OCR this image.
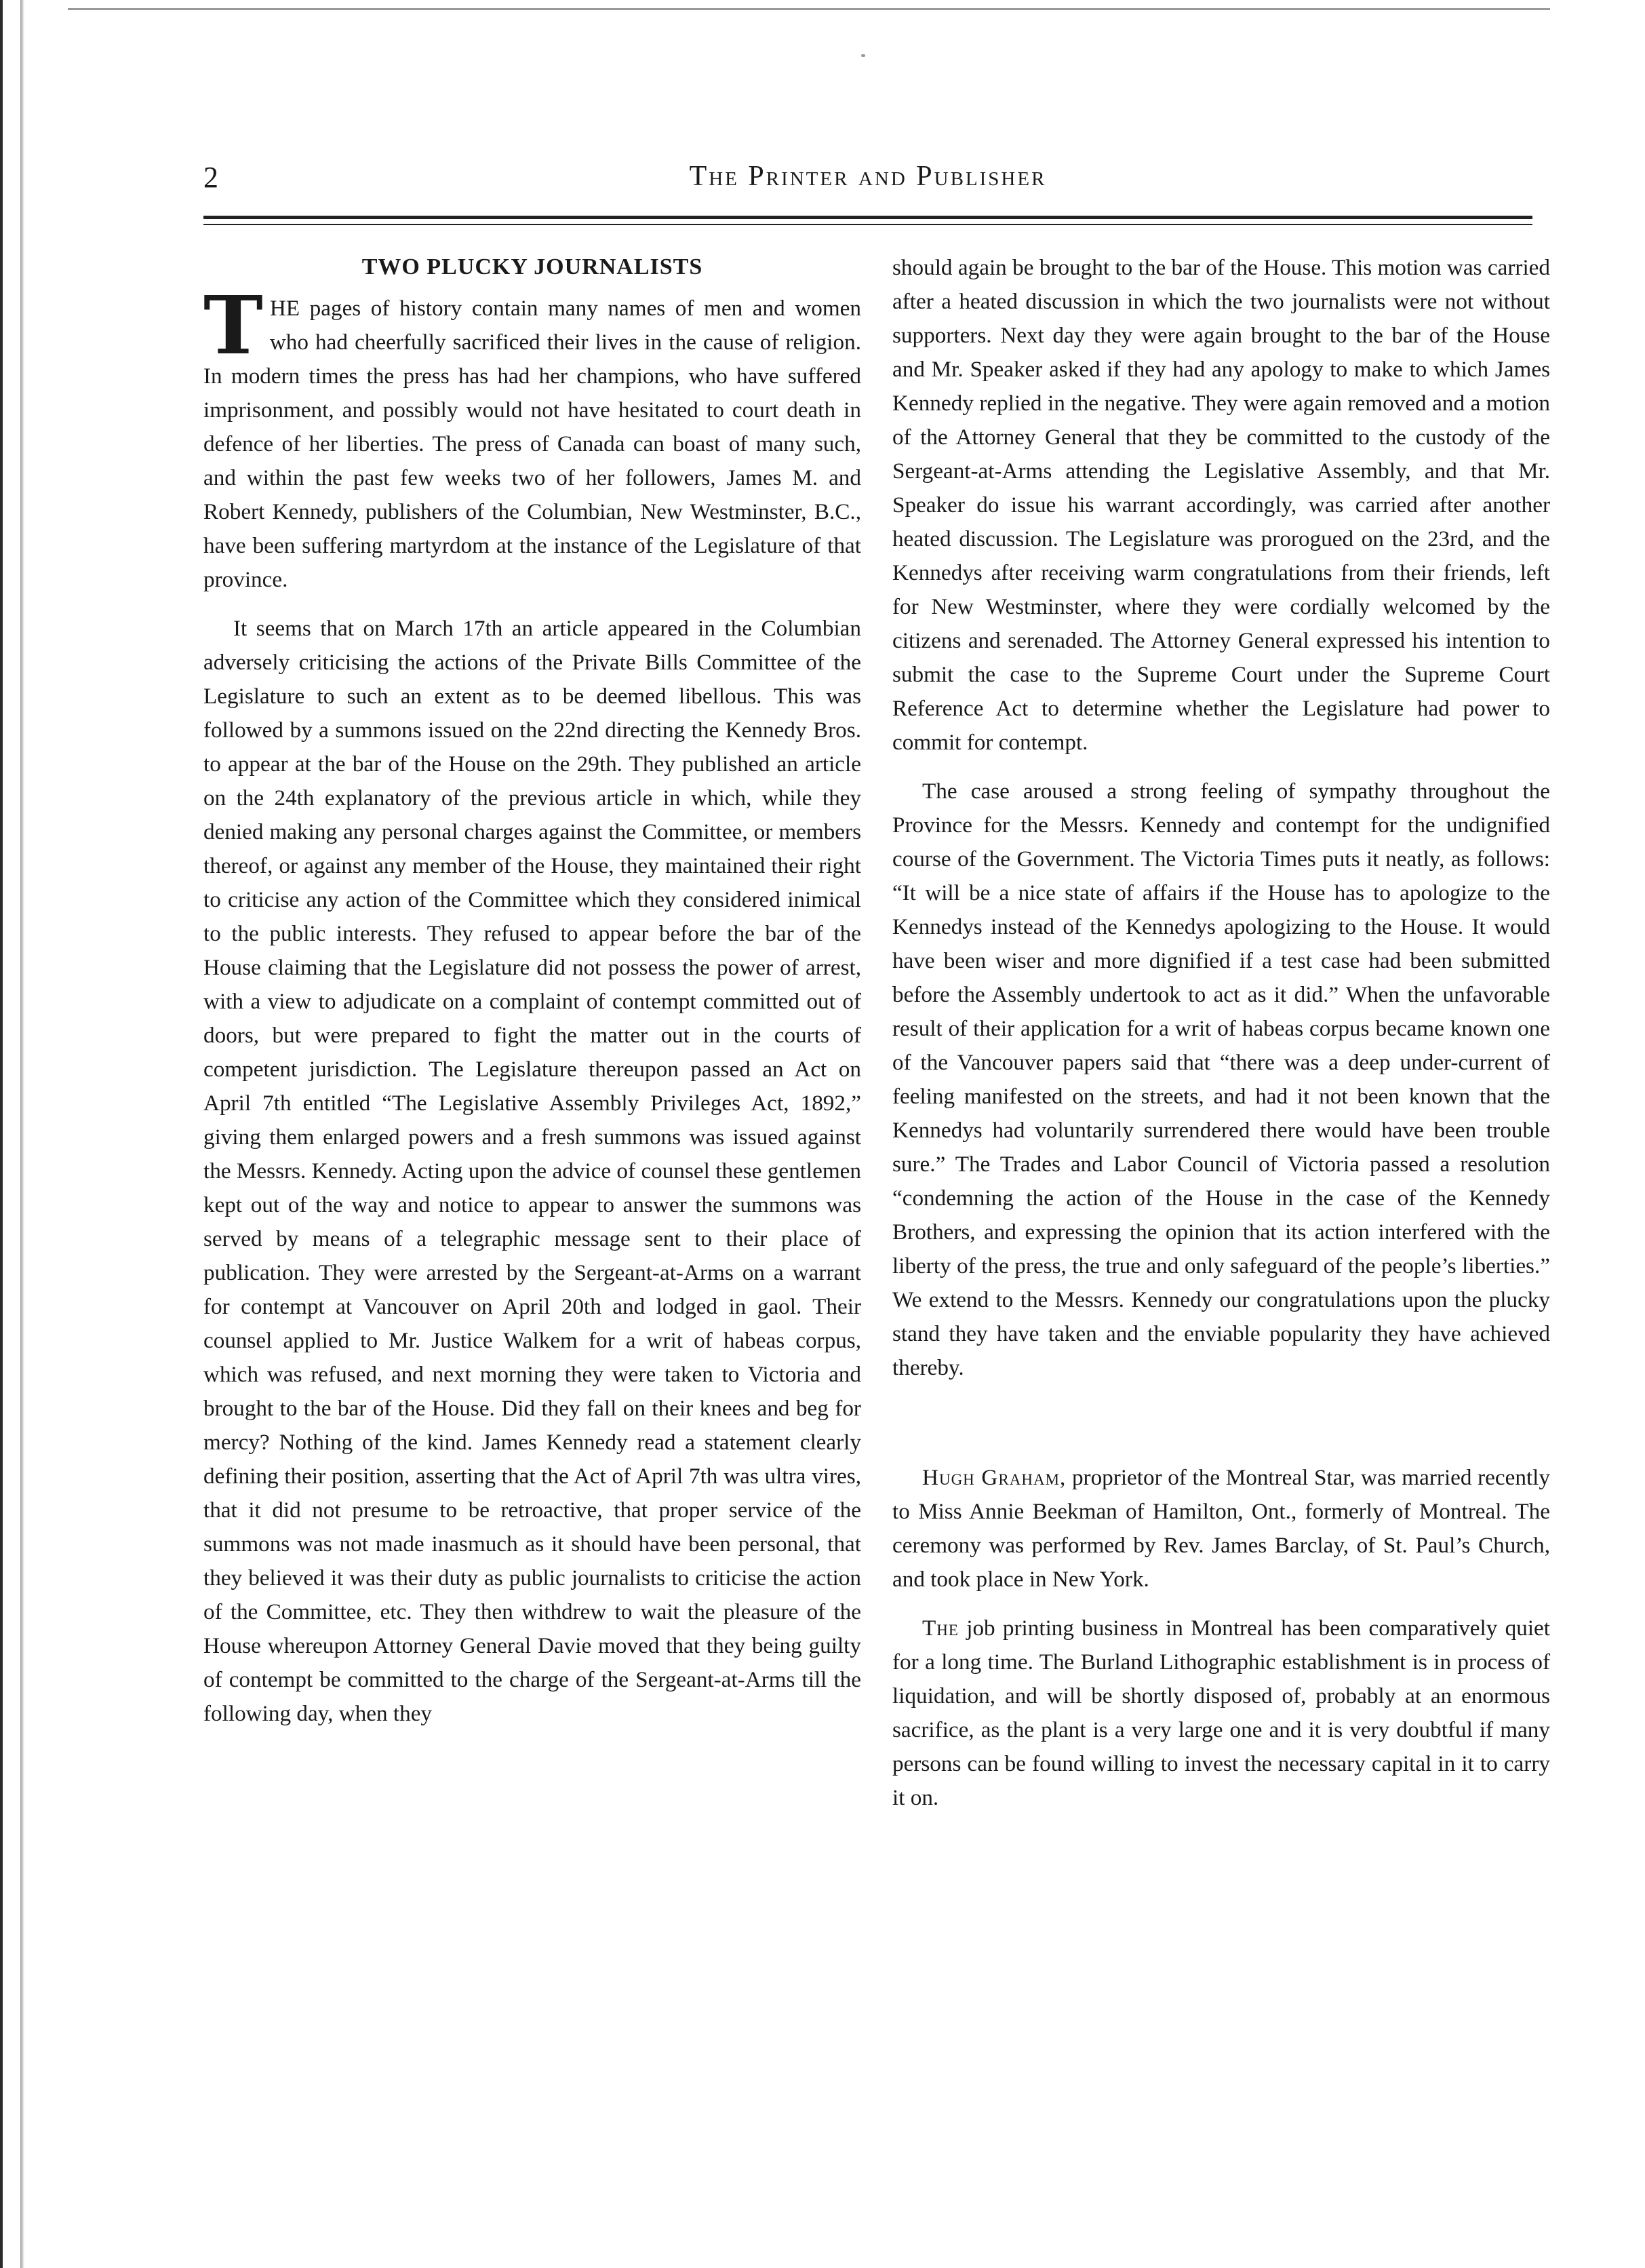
2	The Printer and Publisher
TWO PLUCKY JOURNALISTS

THE pages of history contain many names of men and women who had cheerfully sacrificed their lives in the cause of religion. In modern times the press has had her champions, who have suffered imprisonment, and possibly would not have hesitated to court death in defence of her liberties. The press of Canada can boast of many such, and within the past few weeks two of her followers, James M. and Robert Kennedy, publishers of the Columbian, New Westminster, B.C., have been suffering martyrdom at the instance of the Legislature of that province.

It seems that on March 17th an article appeared in the Columbian adversely criticising the actions of the Private Bills Committee of the Legislature to such an extent as to be deemed libellous. This was followed by a summons issued on the 22nd directing the Kennedy Bros. to appear at the bar of the House on the 29th. They published an article on the 24th explanatory of the previous article in which, while they denied making any personal charges against the Committee, or members thereof, or against any member of the House, they maintained their right to criticise any action of the Committee which they considered inimical to the public interests. They refused to appear before the bar of the House claiming that the Legislature did not possess the power of arrest, with a view to adjudicate on a complaint of contempt committed out of doors, but were prepared to fight the matter out in the courts of competent jurisdiction. The Legislature thereupon passed an Act on April 7th entitled “The Legislative Assembly Privileges Act, 1892,” giving them enlarged powers and a fresh summons was issued against the Messrs. Kennedy. Acting upon the advice of counsel these gentlemen kept out of the way and notice to appear to answer the summons was served by means of a telegraphic message sent to their place of publication. They were arrested by the Sergeant-at-Arms on a warrant for contempt at Vancouver on April 20th and lodged in gaol. Their counsel applied to Mr. Justice Walkem for a writ of habeas corpus, which was refused, and next morning they were taken to Victoria and brought to the bar of the House. Did they fall on their knees and beg for mercy? Nothing of the kind. James Kennedy read a statement clearly defining their position, asserting that the Act of April 7th was ultra vires, that it did not presume to be retroactive, that proper service of the summons was not made inasmuch as it should have been personal, that they believed it was their duty as public journalists to criticise the action of the Committee, etc. They then withdrew to wait the pleasure of the House whereupon Attorney General Davie moved that they being guilty of contempt be committed to the charge of the Sergeant-at-Arms till the following day, when they

should again be brought to the bar of the House. This motion was carried after a heated discussion in which the two journalists were not without supporters. Next day they were again brought to the bar of the House and Mr. Speaker asked if they had any apology to make to which James Kennedy replied in the negative. They were again removed and a motion of the Attorney General that they be committed to the custody of the Sergeant-at-Arms attending the Legislative Assembly, and that Mr. Speaker do issue his warrant accordingly, was carried after another heated discussion. The Legislature was prorogued on the 23rd, and the Kennedys after receiving warm congratulations from their friends, left for New Westminster, where they were cordially welcomed by the citizens and serenaded. The Attorney General expressed his intention to submit the case to the Supreme Court under the Supreme Court Reference Act to determine whether the Legislature had power to commit for contempt.

The case aroused a strong feeling of sympathy throughout the Province for the Messrs. Kennedy and contempt for the undignified course of the Government. The Victoria Times puts it neatly, as follows: “It will be a nice state of affairs if the House has to apologize to the Kennedys instead of the Kennedys apologizing to the House. It would have been wiser and more dignified if a test case had been submitted before the Assembly undertook to act as it did.” When the unfavorable result of their application for a writ of habeas corpus became known one of the Vancouver papers said that “there was a deep under-current of feeling manifested on the streets, and had it not been known that the Kennedys had voluntarily surrendered there would have been trouble sure.” The Trades and Labor Council of Victoria passed a resolution “condemning the action of the House in the case of the Kennedy Brothers, and expressing the opinion that its action interfered with the liberty of the press, the true and only safeguard of the people’s liberties.” We extend to the Messrs. Kennedy our congratulations upon the plucky stand they have taken and the enviable popularity they have achieved thereby.

Hugh Graham, proprietor of the Montreal Star, was married recently to Miss Annie Beekman of Hamilton, Ont., formerly of Montreal. The ceremony was performed by Rev. James Barclay, of St. Paul’s Church, and took place in New York.

The job printing business in Montreal has been comparatively quiet for a long time. The Burland Lithographic establishment is in process of liquidation, and will be shortly disposed of, probably at an enormous sacrifice, as the plant is a very large one and it is very doubtful if many persons can be found willing to invest the necessary capital in it to carry it on.
